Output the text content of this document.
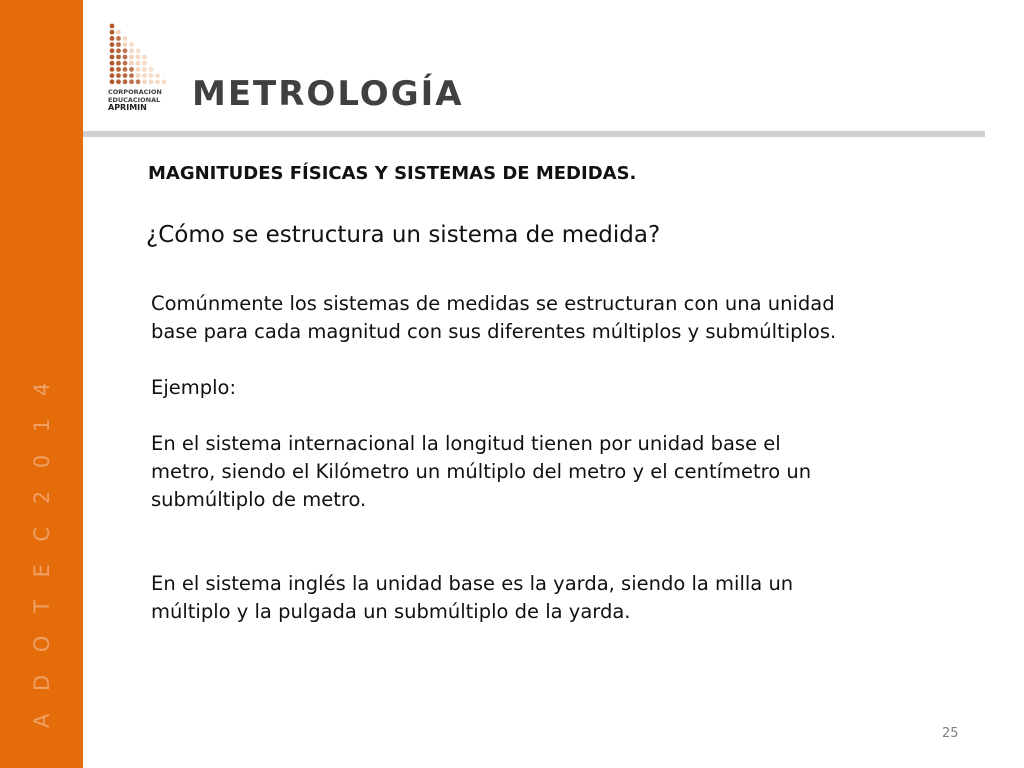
A D O T E C 2 0 1 4
CORPORACION
EDUCACIONAL
APRIMIN	METROLOGÍA
MAGNITUDES FÍSICAS Y SISTEMAS DE MEDIDAS.
¿Cómo se estructura un sistema de medida?

Comúnmente los sistemas de medidas se estructuran con una unidad
base para cada magnitud con sus diferentes múltiplos y submúltiplos.

Ejemplo:

En el sistema internacional la longitud tienen por unidad base el
metro, siendo el Kilómetro un múltiplo del metro y el centímetro un
submúltiplo de metro.

En el sistema inglés la unidad base es la yarda, siendo la milla un
múltiplo y la pulgada un submúltiplo de la yarda.

25
